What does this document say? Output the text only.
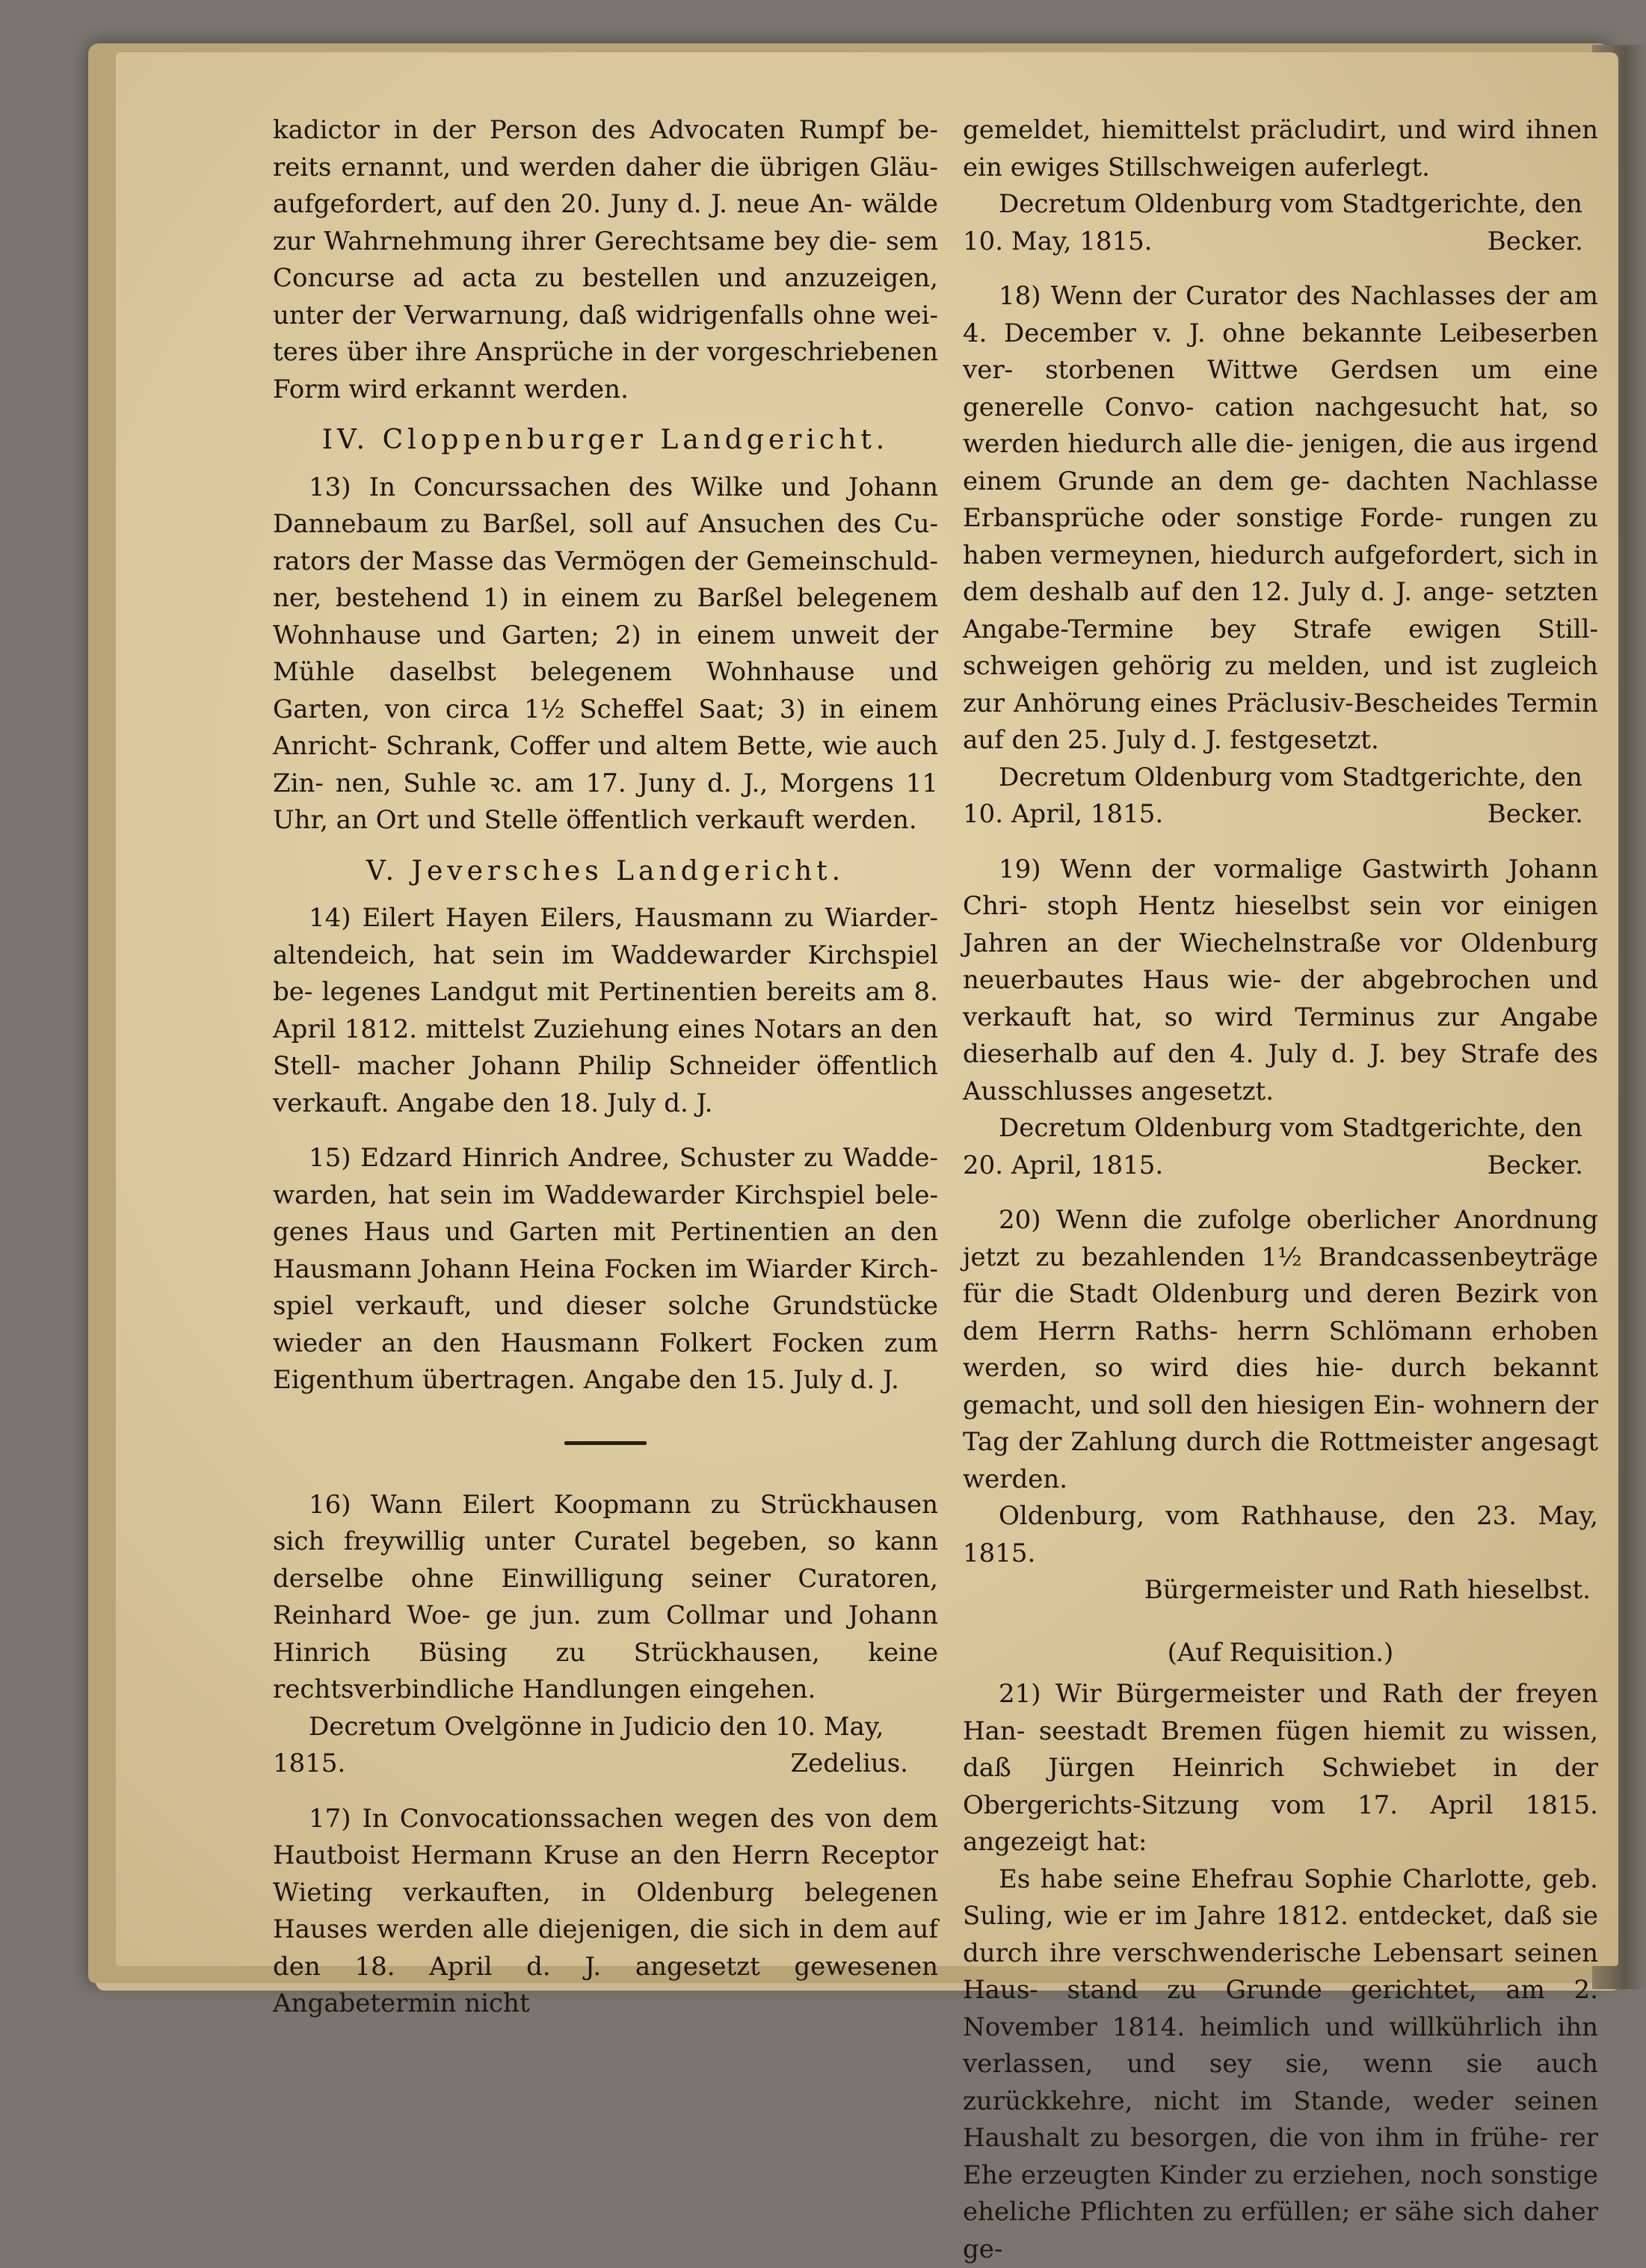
kadictor in der Person des Advocaten Rumpf be- reits ernannt, und werden daher die übrigen Gläu- aufgefordert, auf den 20. Juny d. J. neue An- wälde zur Wahrnehmung ihrer Gerechtsame bey die- sem Concurse ad acta zu bestellen und anzuzeigen, unter der Verwarnung, daß widrigenfalls ohne wei- teres über ihre Ansprüche in der vorgeschriebenen Form wird erkannt werden.

IV. Cloppenburger Landgericht.

13) In Concurssachen des Wilke und Johann Dannebaum zu Barßel, soll auf Ansuchen des Cu- rators der Masse das Vermögen der Gemeinschuld- ner, bestehend 1) in einem zu Barßel belegenem Wohnhause und Garten; 2) in einem unweit der Mühle daselbst belegenem Wohnhause und Garten, von circa 1½ Scheffel Saat; 3) in einem Anricht- Schrank, Coffer und altem Bette, wie auch Zin- nen, Suhle ꝛc. am 17. Juny d. J., Morgens 11 Uhr, an Ort und Stelle öffentlich verkauft werden.

V. Jeversches Landgericht.

14) Eilert Hayen Eilers, Hausmann zu Wiarder- altendeich, hat sein im Waddewarder Kirchspiel be- legenes Landgut mit Pertinentien bereits am 8. April 1812. mittelst Zuziehung eines Notars an den Stell- macher Johann Philip Schneider öffentlich verkauft. Angabe den 18. July d. J.

15) Edzard Hinrich Andree, Schuster zu Wadde- warden, hat sein im Waddewarder Kirchspiel bele- genes Haus und Garten mit Pertinentien an den Hausmann Johann Heina Focken im Wiarder Kirch- spiel verkauft, und dieser solche Grundstücke wieder an den Hausmann Folkert Focken zum Eigenthum übertragen. Angabe den 15. July d. J.

16) Wann Eilert Koopmann zu Strückhausen sich freywillig unter Curatel begeben, so kann derselbe ohne Einwilligung seiner Curatoren, Reinhard Woe- ge jun. zum Collmar und Johann Hinrich Büsing zu Strückhausen, keine rechtsverbindliche Handlungen eingehen.

Decretum Ovelgönne in Judicio den 10. May,

1815.	Zedelius.

17) In Convocationssachen wegen des von dem Hautboist Hermann Kruse an den Herrn Receptor Wieting verkauften, in Oldenburg belegenen Hauses werden alle diejenigen, die sich in dem auf den 18. April d. J. angesetzt gewesenen Angabetermin nicht

gemeldet, hiemittelst präcludirt, und wird ihnen ein ewiges Stillschweigen auferlegt.

Decretum Oldenburg vom Stadtgerichte, den

10. May, 1815.	Becker.

18) Wenn der Curator des Nachlasses der am 4. December v. J. ohne bekannte Leibeserben ver- storbenen Wittwe Gerdsen um eine generelle Convo- cation nachgesucht hat, so werden hiedurch alle die- jenigen, die aus irgend einem Grunde an dem ge- dachten Nachlasse Erbansprüche oder sonstige Forde- rungen zu haben vermeynen, hiedurch aufgefordert, sich in dem deshalb auf den 12. July d. J. ange- setzten Angabe-Termine bey Strafe ewigen Still- schweigen gehörig zu melden, und ist zugleich zur Anhörung eines Präclusiv-Bescheides Termin auf den 25. July d. J. festgesetzt.

Decretum Oldenburg vom Stadtgerichte, den

10. April, 1815.	Becker.

19) Wenn der vormalige Gastwirth Johann Chri- stoph Hentz hieselbst sein vor einigen Jahren an der Wiechelnstraße vor Oldenburg neuerbautes Haus wie- der abgebrochen und verkauft hat, so wird Terminus zur Angabe dieserhalb auf den 4. July d. J. bey Strafe des Ausschlusses angesetzt.

Decretum Oldenburg vom Stadtgerichte, den

20. April, 1815.	Becker.

20) Wenn die zufolge oberlicher Anordnung jetzt zu bezahlenden 1½ Brandcassenbeyträge für die Stadt Oldenburg und deren Bezirk von dem Herrn Raths- herrn Schlömann erhoben werden, so wird dies hie- durch bekannt gemacht, und soll den hiesigen Ein- wohnern der Tag der Zahlung durch die Rottmeister angesagt werden.

Oldenburg, vom Rathhause, den 23. May, 1815.

Bürgermeister und Rath hieselbst.

(Auf Requisition.)

21) Wir Bürgermeister und Rath der freyen Han- seestadt Bremen fügen hiemit zu wissen, daß Jürgen Heinrich Schwiebet in der Obergerichts-Sitzung vom 17. April 1815. angezeigt hat:

Es habe seine Ehefrau Sophie Charlotte, geb. Suling, wie er im Jahre 1812. entdecket, daß sie durch ihre verschwenderische Lebensart seinen Haus- stand zu Grunde gerichtet, am 2. November 1814. heimlich und willkührlich ihn verlassen, und sey sie, wenn sie auch zurückkehre, nicht im Stande, weder seinen Haushalt zu besorgen, die von ihm in frühe- rer Ehe erzeugten Kinder zu erziehen, noch sonstige eheliche Pflichten zu erfüllen; er sähe sich daher ge-
